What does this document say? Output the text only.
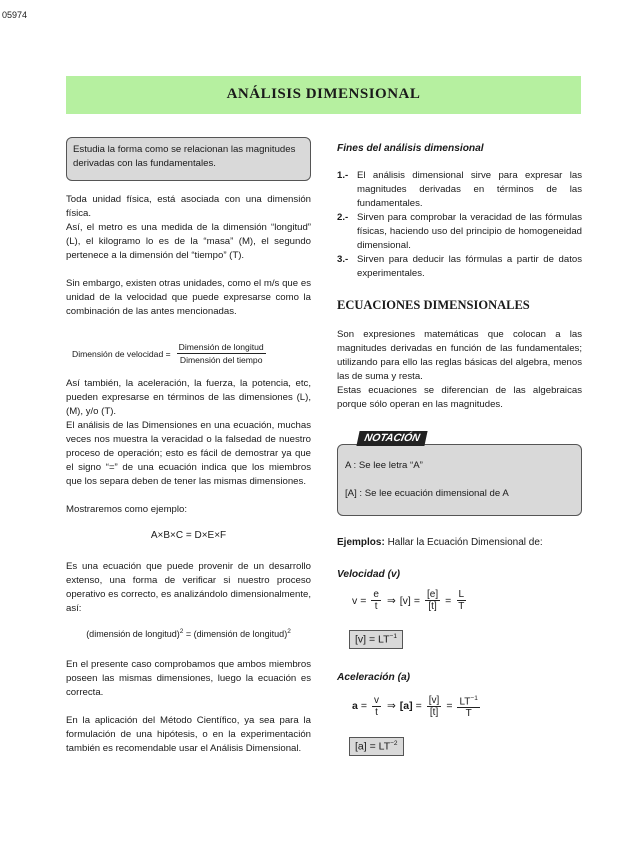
05974
ANÁLISIS DIMENSIONAL
Estudia la forma como se relacionan las magnitudes derivadas con las fundamentales.
Toda unidad física, está asociada con una dimensión física.
Así, el metro es una medida de la dimensión “longitud” (L), el kilogramo lo es de la “masa” (M), el segundo pertenece a la dimensión del “tiempo” (T).
Sin embargo, existen otras unidades, como el m/s que es unidad de la velocidad que puede expresarse como la combinación de las antes mencionadas.
Dimensión de velocidad = $\frac{\text{Dimensión de longitud}}{\text{Dimensión del tiempo}}$
Así también, la aceleración, la fuerza, la potencia, etc, pueden expresarse en términos de las dimensiones (L), (M), y/o (T).
El análisis de las Dimensiones en una ecuación, muchas veces nos muestra la veracidad o la falsedad de nuestro proceso de operación; esto es fácil de demostrar ya que el signo “=” de una ecuación indica que los miembros que los separa deben de tener las mismas dimensiones.
Mostraremos como ejemplo:
A×B×C = D×E×F
Es una ecuación que puede provenir de un desarrollo extenso, una forma de verificar si nuestro proceso operativo es correcto, es analizándolo dimensionalmente, así:
(dimensión de longitud)$^2$ = (dimensión de longitud)$^2$
En el presente caso comprobamos que ambos miembros poseen las mismas dimensiones, luego la ecuación es correcta.
En la aplicación del Método Científico, ya sea para la formulación de una hipótesis, o en la experimentación también es recomendable usar el Análisis Dimensional.
Fines del análisis dimensional
1.- El análisis dimensional sirve para expresar las magnitudes derivadas en términos de las fundamentales.
2.- Sirven para comprobar la veracidad de las fórmulas físicas, haciendo uso del principio de homogeneidad dimensional.
3.- Sirven para deducir las fórmulas a partir de datos experimentales.
ECUACIONES DIMENSIONALES
Son expresiones matemáticas que colocan a las magnitudes derivadas en función de las fundamentales; utilizando para ello las reglas básicas del algebra, menos las de suma y resta.
Estas ecuaciones se diferencian de las algebraicas porque sólo operan en las magnitudes.
NOTACIÓN
A : Se lee letra “A”
[A] : Se lee ecuación dimensional de A
Ejemplos: Hallar la Ecuación Dimensional de:
Velocidad (v)
$v = \frac{e}{t}$ ⇒ $[v] = \frac{[e]}{[t]} = \frac{L}{T}$
$[v] = LT^{-1}$
Aceleración (a)
$a = \frac{v}{t}$ ⇒ $[a] = \frac{[v]}{[t]} = \frac{LT^{-1}}{T}$
$[a] = LT^{-2}$
